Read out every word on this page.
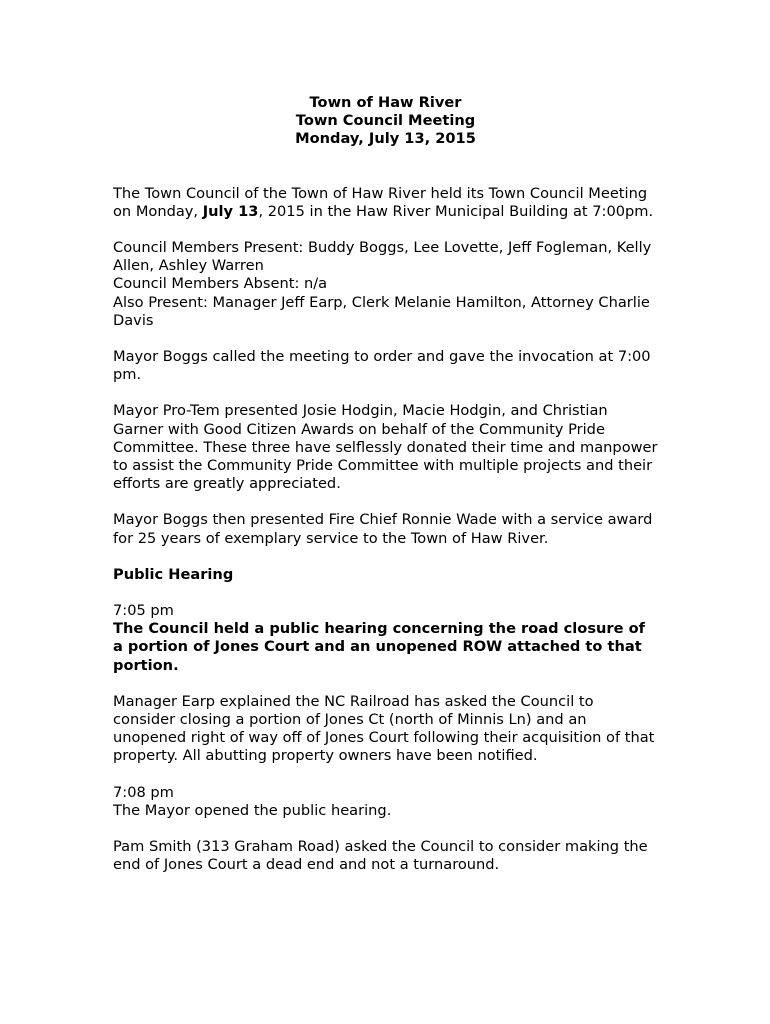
Town of Haw River
Town Council Meeting
Monday, July 13, 2015

The Town Council of the Town of Haw River held its Town Council Meeting on Monday, July 13, 2015 in the Haw River Municipal Building at 7:00pm.

Council Members Present: Buddy Boggs, Lee Lovette, Jeff Fogleman, Kelly Allen, Ashley Warren
Council Members Absent: n/a
Also Present: Manager Jeff Earp, Clerk Melanie Hamilton, Attorney Charlie Davis

Mayor Boggs called the meeting to order and gave the invocation at 7:00 pm.

Mayor Pro-Tem presented Josie Hodgin, Macie Hodgin, and Christian Garner with Good Citizen Awards on behalf of the Community Pride Committee. These three have selflessly donated their time and manpower to assist the Community Pride Committee with multiple projects and their efforts are greatly appreciated.

Mayor Boggs then presented Fire Chief Ronnie Wade with a service award for 25 years of exemplary service to the Town of Haw River.

Public Hearing

7:05 pm
The Council held a public hearing concerning the road closure of a portion of Jones Court and an unopened ROW attached to that portion.

Manager Earp explained the NC Railroad has asked the Council to consider closing a portion of Jones Ct (north of Minnis Ln) and an unopened right of way off of Jones Court following their acquisition of that property. All abutting property owners have been notified.

7:08 pm
The Mayor opened the public hearing.

Pam Smith (313 Graham Road) asked the Council to consider making the end of Jones Court a dead end and not a turnaround.
